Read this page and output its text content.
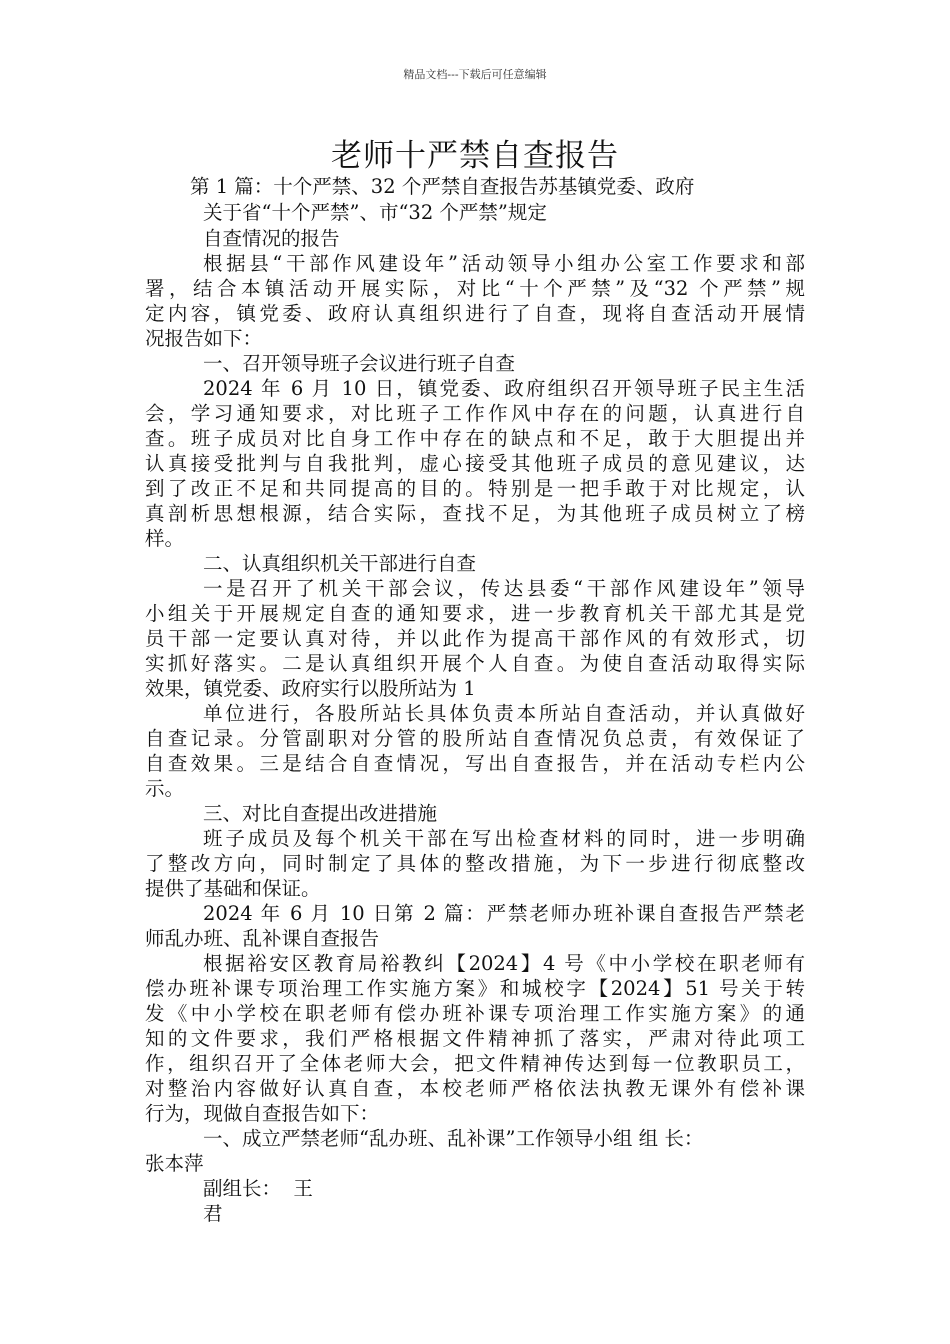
精品文档---下载后可任意编辑
老师十严禁自查报告
第 1 篇：十个严禁、32 个严禁自查报告苏基镇党委、政府
关于省“十个严禁”、市“32 个严禁”规定
自查情况的报告
根据县“干部作风建设年”活动领导小组办公室工作要求和部
署，结合本镇活动开展实际，对比“十个严禁”及“32 个严禁”规
定内容，镇党委、政府认真组织进行了自查，现将自查活动开展情
况报告如下：
一、召开领导班子会议进行班子自查
2024 年 6 月 10 日，镇党委、政府组织召开领导班子民主生活
会，学习通知要求，对比班子工作作风中存在的问题，认真进行自
查。班子成员对比自身工作中存在的缺点和不足，敢于大胆提出并
认真接受批判与自我批判，虚心接受其他班子成员的意见建议，达
到了改正不足和共同提高的目的。特别是一把手敢于对比规定，认
真剖析思想根源，结合实际，查找不足，为其他班子成员树立了榜
样。
二、认真组织机关干部进行自查
一是召开了机关干部会议，传达县委“干部作风建设年”领导
小组关于开展规定自查的通知要求，进一步教育机关干部尤其是党
员干部一定要认真对待，并以此作为提高干部作风的有效形式，切
实抓好落实。二是认真组织开展个人自查。为使自查活动取得实际
效果，镇党委、政府实行以股所站为 1
单位进行，各股所站长具体负责本所站自查活动，并认真做好
自查记录。分管副职对分管的股所站自查情况负总责，有效保证了
自查效果。三是结合自查情况，写出自查报告，并在活动专栏内公
示。
三、对比自查提出改进措施
班子成员及每个机关干部在写出检查材料的同时，进一步明确
了整改方向，同时制定了具体的整改措施，为下一步进行彻底整改
提供了基础和保证。
2024 年 6 月 10 日第 2 篇：严禁老师办班补课自查报告严禁老
师乱办班、乱补课自查报告
根据裕安区教育局裕教纠【2024】4 号《中小学校在职老师有
偿办班补课专项治理工作实施方案》和城校字【2024】51 号关于转
发《中小学校在职老师有偿办班补课专项治理工作实施方案》的通
知的文件要求，我们严格根据文件精神抓了落实，严肃对待此项工
作，组织召开了全体老师大会，把文件精神传达到每一位教职员工，
对整治内容做好认真自查，本校老师严格依法执教无课外有偿补课
行为，现做自查报告如下：
一、成立严禁老师“乱办班、乱补课”工作领导小组 组 长：
张本萍
副组长：  王
君
